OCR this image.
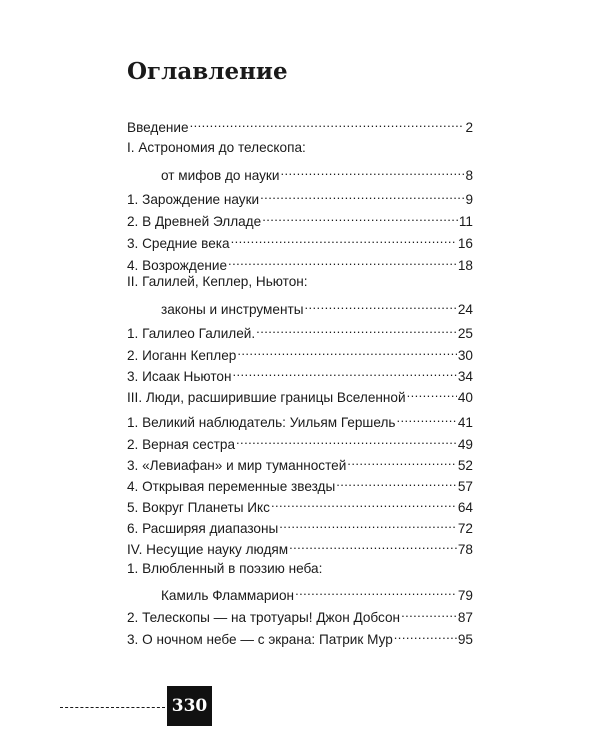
Оглавление
Введение . . .	2
I. Астрономия до телескопа:
от мифов до науки . . .	8
1. Зарождение науки . . .	9
2. В Древней Элладе . . .	11
3. Средние века . . .	16
4. Возрождение . . .	18
II. Галилей, Кеплер, Ньютон:
законы и инструменты . . .	24
1. Галилео Галилей. . . .	25
2. Иоганн Кеплер . . .	30
3. Исаак Ньютон . . .	34
III. Люди, расширившие границы Вселенной . . .	40
1. Великий наблюдатель: Уильям Гершель . . .	41
2. Верная сестра . . .	49
3. «Левиафан» и мир туманностей . . .	52
4. Открывая переменные звезды . . .	57
5. Вокруг Планеты Икс . . .	64
6. Расширяя диапазоны . . .	72
IV. Несущие науку людям . . .	78
1. Влюбленный в поэзию неба:
Камиль Фламмарион . . .	79
2. Телескопы — на тротуары! Джон Добсон . . .	87
3. О ночном небе — с экрана: Патрик Мур . . .	95
330
